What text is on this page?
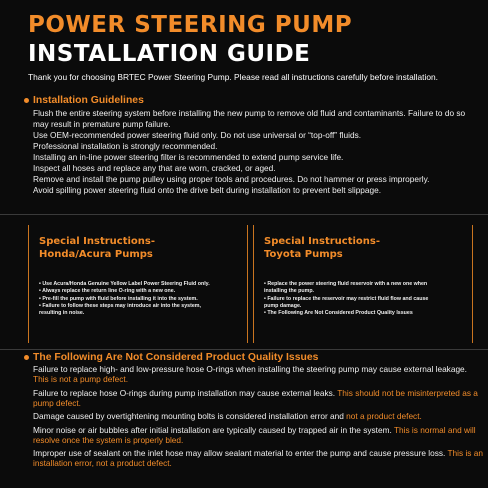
POWER STEERING PUMP
INSTALLATION GUIDE
Thank you for choosing BRTEC Power Steering Pump. Please read all instructions carefully before installation.
Installation Guidelines

Flush the entire steering system before installing the new pump to remove old fluid and contaminants. Failure to do so may result in premature pump failure.

Use OEM-recommended power steering fluid only. Do not use universal or “top-off” fluids.

Professional installation is strongly recommended.

Installing an in-line power steering filter is recommended to extend pump service life.

Inspect all hoses and replace any that are worn, cracked, or aged.

Remove and install the pump pulley using proper tools and procedures. Do not hammer or press improperly.

Avoid spilling power steering fluid onto the drive belt during installation to prevent belt slippage.

Special Instructions-
Honda/Acura Pumps

• Use Acura/Honda Genuine Yellow Label Power Steering Fluid only.

• Always replace the return line O-ring with a new one.

• Pre-fill the pump with fluid before installing it into the system.

• Failure to follow these steps may introduce air into the system,

resulting in noise.

Special Instructions-
Toyota Pumps

• Replace the power steering fluid reservoir with a new one when

installing the pump.

• Failure to replace the reservoir may restrict fluid flow and cause

pump damage.

• The Following Are Not Considered Product Quality Issues

The Following Are Not Considered Product Quality Issues

Failure to replace high- and low-pressure hose O-rings when installing the steering pump may cause external leakage. This is not a pump defect.

Failure to replace hose O-rings during pump installation may cause external leaks. This should not be misinterpreted as a pump defect.

Damage caused by overtightening mounting bolts is considered installation error and not a product defect.

Minor noise or air bubbles after initial installation are typically caused by trapped air in the system. This is normal and will resolve once the system is properly bled.

Improper use of sealant on the inlet hose may allow sealant material to enter the pump and cause pressure loss. This is an installation error, not a product defect.
